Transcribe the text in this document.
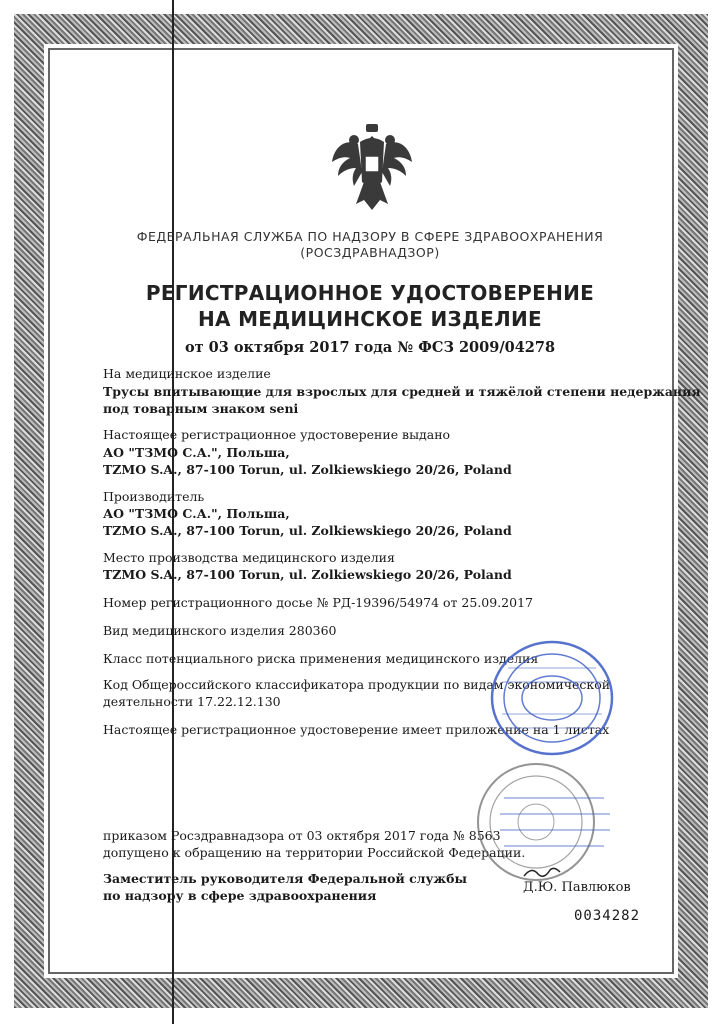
ФЕДЕРАЛЬНАЯ СЛУЖБА ПО НАДЗОРУ В СФЕРЕ ЗДРАВООХРАНЕНИЯ
(РОСЗДРАВНАДЗОР)
РЕГИСТРАЦИОННОЕ УДОСТОВЕРЕНИЕ
НА МЕДИЦИНСКОЕ ИЗДЕЛИЕ
от 03 октября 2017 года № ФСЗ 2009/04278
На медицинское изделие
Трусы впитывающие для взрослых для средней и тяжёлой степени недержания
под товарным знаком seni
Настоящее регистрационное удостоверение выдано
АО "ТЗМО С.А.", Польша,
TZMO S.A., 87-100 Torun, ul. Zolkiewskiego 20/26, Poland
Производитель
АО "ТЗМО С.А.", Польша,
TZMO S.A., 87-100 Torun, ul. Zolkiewskiego 20/26, Poland
Место производства медицинского изделия
TZMO S.A., 87-100 Torun, ul. Zolkiewskiego 20/26, Poland
Номер регистрационного досье № РД-19396/54974 от 25.09.2017
Вид медицинского изделия 280360
Класс потенциального риска применения медицинского изделия
Код Общероссийского классификатора продукции по видам экономической
деятельности 17.22.12.130
Настоящее регистрационное удостоверение имеет приложение на 1 листах
приказом Росздравнадзора от 03 октября 2017 года № 8563
допущено к обращению на территории Российской Федерации.
Заместитель руководителя Федеральной службы
по надзору в сфере здравоохранения
Д.Ю. Павлюков
0034282
